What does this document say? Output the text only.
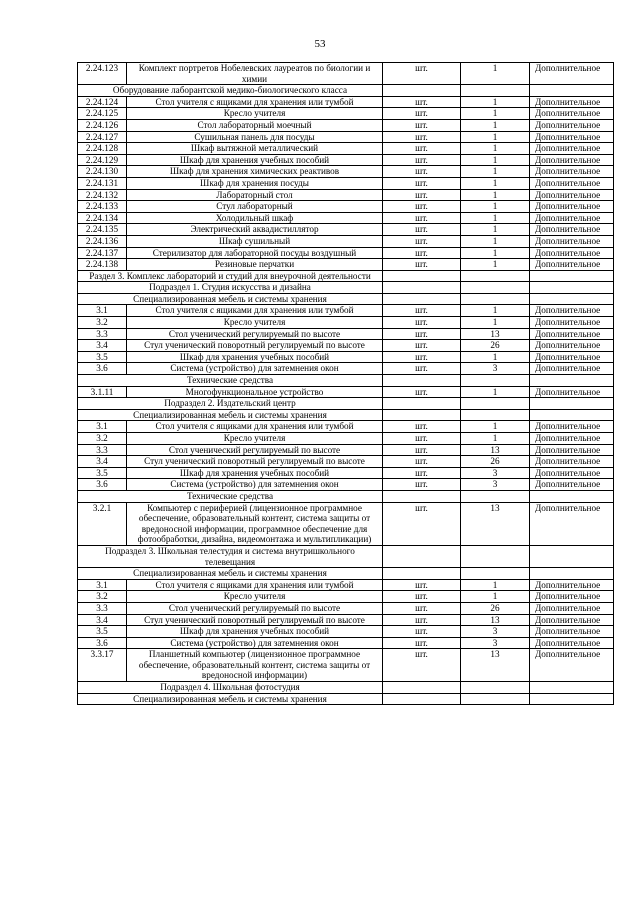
53
2.24.123	Комплект портретов Нобелевских лауреатов по биологии и химии	шт.	1	Дополнительное
Оборудование лаборантской медико-биологического класса				
2.24.124	Стол учителя с ящиками для хранения или тумбой	шт.	1	Дополнительное
2.24.125	Кресло учителя	шт.	1	Дополнительное
2.24.126	Стол лабораторный моечный	шт.	1	Дополнительное
2.24.127	Сушильная панель для посуды	шт.	1	Дополнительное
2.24.128	Шкаф вытяжной металлический	шт.	1	Дополнительное
2.24.129	Шкаф для хранения учебных пособий	шт.	1	Дополнительное
2.24.130	Шкаф для хранения химических реактивов	шт.	1	Дополнительное
2.24.131	Шкаф для хранения посуды	шт.	1	Дополнительное
2.24.132	Лабораторный стол	шт.	1	Дополнительное
2.24.133	Стул лабораторный	шт.	1	Дополнительное
2.24.134	Холодильный шкаф	шт.	1	Дополнительное
2.24.135	Электрический аквадистиллятор	шт.	1	Дополнительное
2.24.136	Шкаф сушильный	шт.	1	Дополнительное
2.24.137	Стерилизатор для лабораторной посуды воздушный	шт.	1	Дополнительное
2.24.138	Резиновые перчатки	шт.	1	Дополнительное
Раздел 3. Комплекс лабораторий и студий для внеурочной деятельности				
Подраздел 1. Студия искусства и дизайна				
Специализированная мебель и системы хранения				
3.1	Стол учителя с ящиками для хранения или тумбой	шт.	1	Дополнительное
3.2	Кресло учителя	шт.	1	Дополнительное
3.3	Стол ученический регулируемый по высоте	шт.	13	Дополнительное
3.4	Стул ученический поворотный регулируемый по высоте	шт.	26	Дополнительное
3.5	Шкаф для хранения учебных пособий	шт.	1	Дополнительное
3.6	Система (устройство) для затемнения окон	шт.	3	Дополнительное
Технические средства				
3.1.11	Многофункциональное устройство	шт.	1	Дополнительное
Подраздел 2. Издательский центр				
Специализированная мебель и системы хранения				
3.1	Стол учителя с ящиками для хранения или тумбой	шт.	1	Дополнительное
3.2	Кресло учителя	шт.	1	Дополнительное
3.3	Стол ученический регулируемый по высоте	шт.	13	Дополнительное
3.4	Стул ученический поворотный регулируемый по высоте	шт.	26	Дополнительное
3.5	Шкаф для хранения учебных пособий	шт.	3	Дополнительное
3.6	Система (устройство) для затемнения окон	шт.	3	Дополнительное
Технические средства				
3.2.1	Компьютер с периферией (лицензионное программное обеспечение, образовательный контент, система защиты от вредоносной информации, программное обеспечение для фотообработки, дизайна, видеомонтажа и мультипликации)	шт.	13	Дополнительное
Подраздел 3. Школьная телестудия и система внутришкольного телевещания				
Специализированная мебель и системы хранения				
3.1	Стол учителя с ящиками для хранения или тумбой	шт.	1	Дополнительное
3.2	Кресло учителя	шт.	1	Дополнительное
3.3	Стол ученический регулируемый по высоте	шт.	26	Дополнительное
3.4	Стул ученический поворотный регулируемый по высоте	шт.	13	Дополнительное
3.5	Шкаф для хранения учебных пособий	шт.	3	Дополнительное
3.6	Система (устройство) для затемнения окон	шт.	3	Дополнительное
3.3.17	Планшетный компьютер (лицензионное программное обеспечение, образовательный контент, система защиты от вредоносной информации)	шт.	13	Дополнительное
Подраздел 4. Школьная фотостудия				
Специализированная мебель и системы хранения				
